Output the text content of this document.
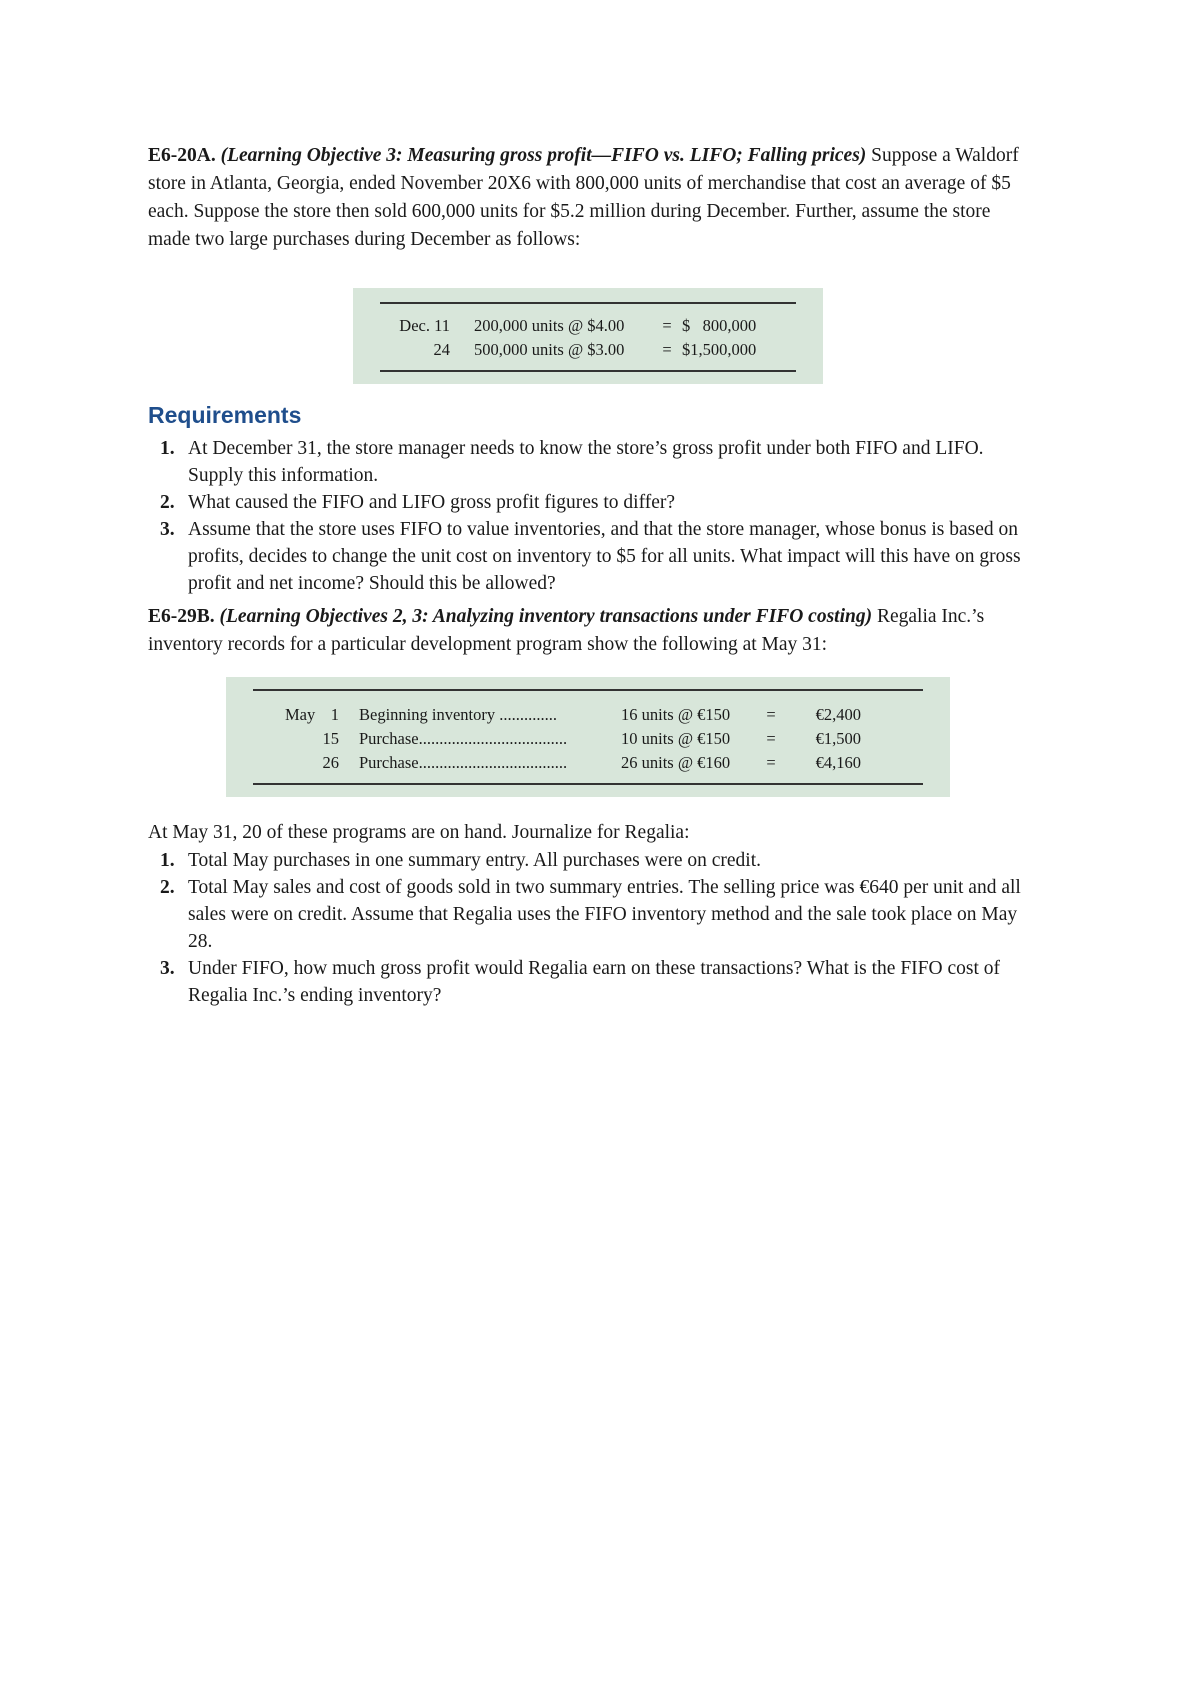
E6-20A. (Learning Objective 3: Measuring gross profit—FIFO vs. LIFO; Falling prices) Suppose a Waldorf store in Atlanta, Georgia, ended November 20X6 with 800,000 units of merchandise that cost an average of $5 each. Suppose the store then sold 600,000 units for $5.2 million during December. Further, assume the store made two large purchases during December as follows:

Dec. 11	200,000 units @ $4.00	=	$   800,000
24	500,000 units @ $3.00	=	$1,500,000
Requirements
1. At December 31, the store manager needs to know the store’s gross profit under both FIFO and LIFO. Supply this information.
2. What caused the FIFO and LIFO gross profit figures to differ?
3. Assume that the store uses FIFO to value inventories, and that the store manager, whose bonus is based on profits, decides to change the unit cost on inventory to $5 for all units. What impact will this have on gross profit and net income? Should this be allowed?

E6-29B. (Learning Objectives 2, 3: Analyzing inventory transactions under FIFO costing) Regalia Inc.’s inventory records for a particular development program show the following at May 31:

May	1	Beginning inventory ..............	16 units @ €150	=	€2,400
	15	Purchase....................................	10 units @ €150	=	€1,500
	26	Purchase....................................	26 units @ €160	=	€4,160

At May 31, 20 of these programs are on hand. Journalize for Regalia:

1. Total May purchases in one summary entry. All purchases were on credit.
2. Total May sales and cost of goods sold in two summary entries. The selling price was €640 per unit and all sales were on credit. Assume that Regalia uses the FIFO inventory method and the sale took place on May 28.
3. Under FIFO, how much gross profit would Regalia earn on these transactions? What is the FIFO cost of Regalia Inc.’s ending inventory?
